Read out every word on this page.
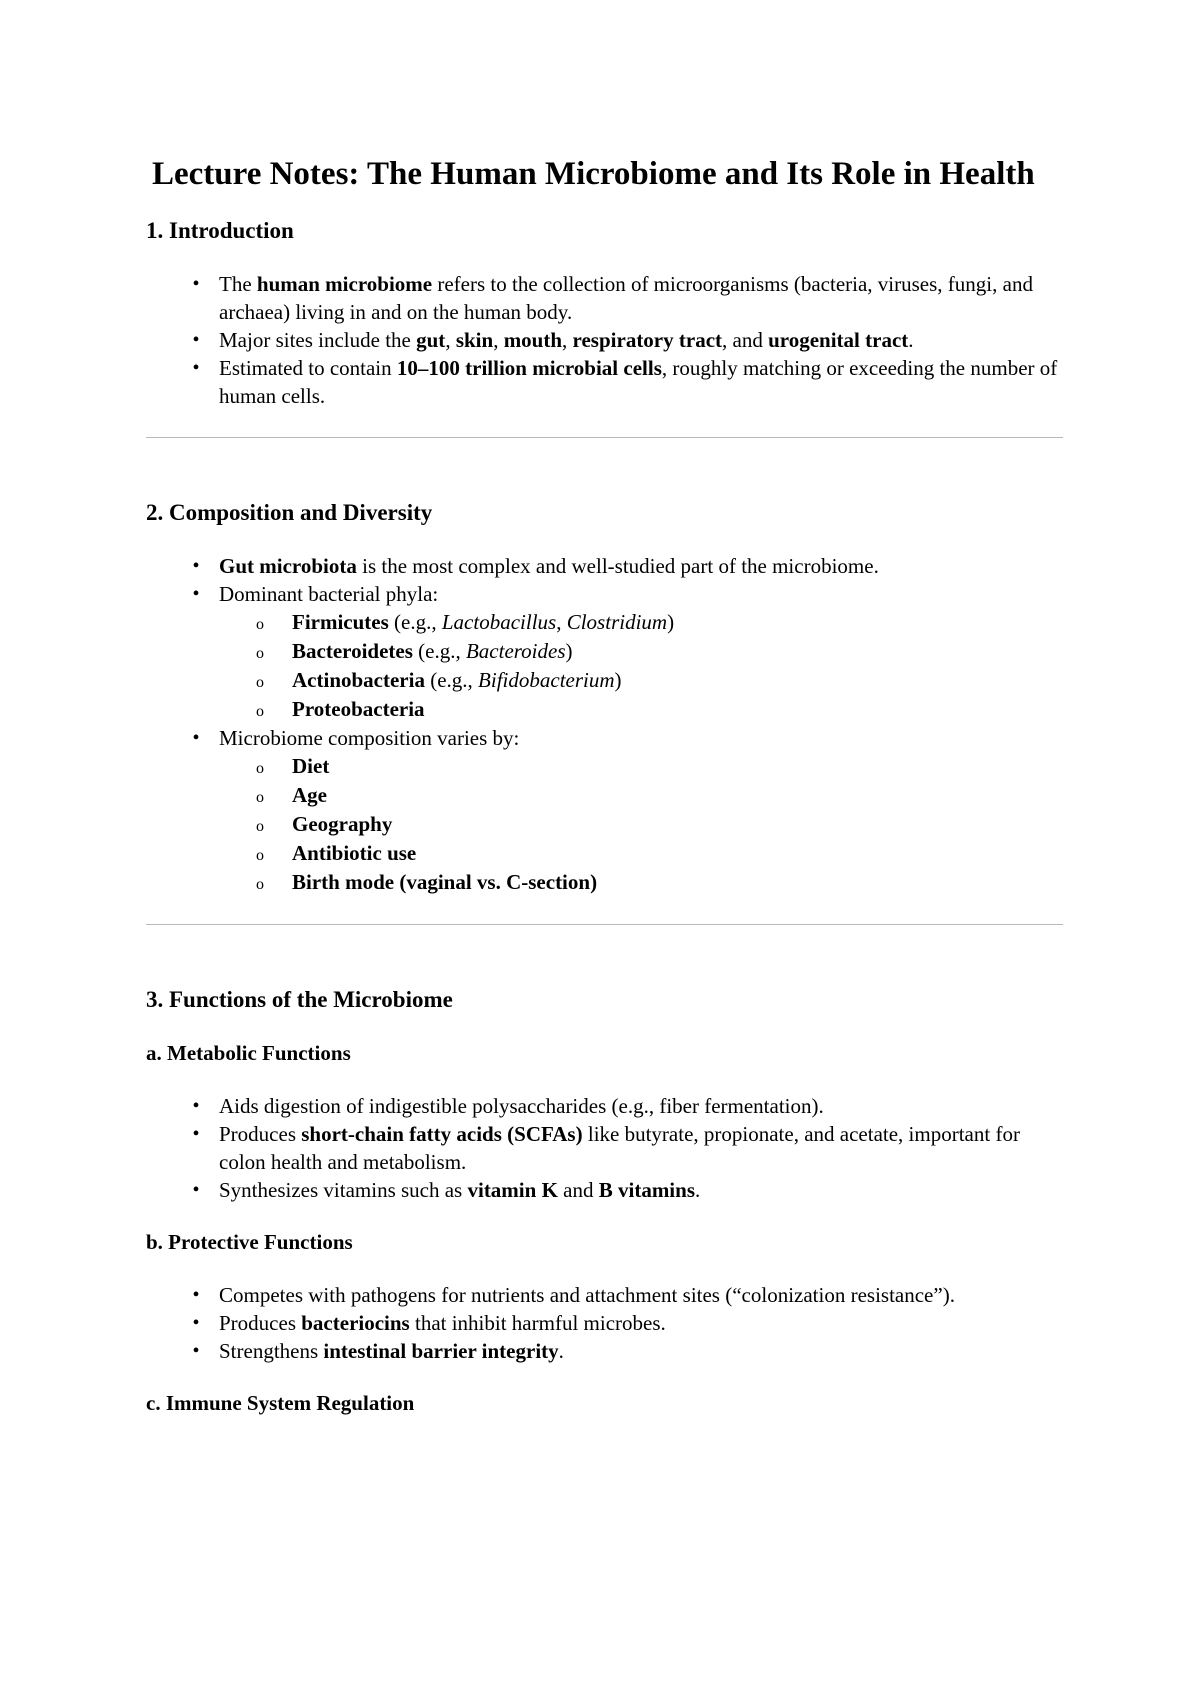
Lecture Notes: The Human Microbiome and Its Role in Health
1. Introduction
• The human microbiome refers to the collection of microorganisms (bacteria, viruses, fungi, and archaea) living in and on the human body.
• Major sites include the gut, skin, mouth, respiratory tract, and urogenital tract.
• Estimated to contain 10–100 trillion microbial cells, roughly matching or exceeding the number of human cells.
2. Composition and Diversity
• Gut microbiota is the most complex and well-studied part of the microbiome.
• Dominant bacterial phyla:
o Firmicutes (e.g., Lactobacillus, Clostridium)
o Bacteroidetes (e.g., Bacteroides)
o Actinobacteria (e.g., Bifidobacterium)
o Proteobacteria
• Microbiome composition varies by:
o Diet
o Age
o Geography
o Antibiotic use
o Birth mode (vaginal vs. C-section)
3. Functions of the Microbiome
a. Metabolic Functions
• Aids digestion of indigestible polysaccharides (e.g., fiber fermentation).
• Produces short-chain fatty acids (SCFAs) like butyrate, propionate, and acetate, important for colon health and metabolism.
• Synthesizes vitamins such as vitamin K and B vitamins.
b. Protective Functions
• Competes with pathogens for nutrients and attachment sites (“colonization resistance”).
• Produces bacteriocins that inhibit harmful microbes.
• Strengthens intestinal barrier integrity.
c. Immune System Regulation
